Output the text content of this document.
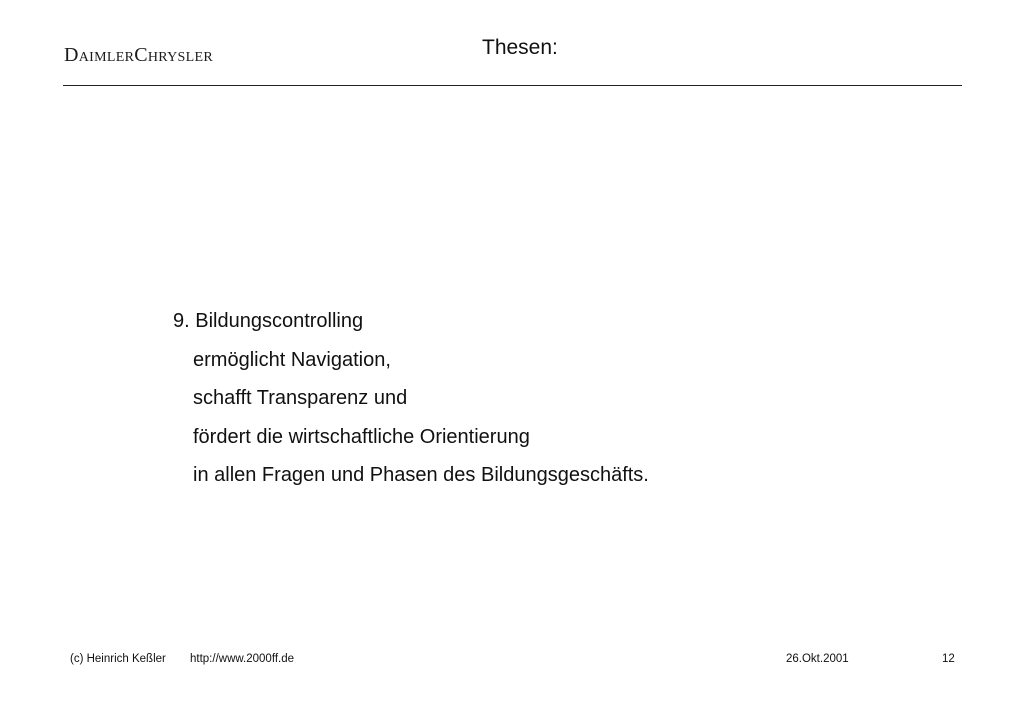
DaimlerChrysler	Thesen:
9. Bildungscontrolling
ermöglicht Navigation,
schafft Transparenz und
fördert die wirtschaftliche Orientierung
in allen Fragen und Phasen des Bildungsgeschäfts.
(c) Heinrich Keßler http://www.2000ff.de	26.Okt.2001	12
